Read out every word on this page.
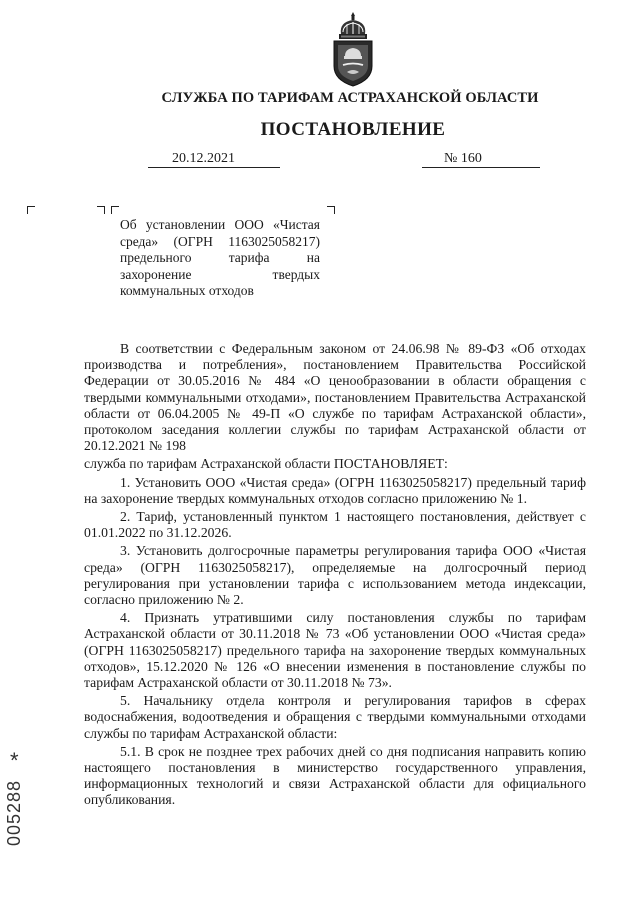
СЛУЖБА ПО ТАРИФАМ АСТРАХАНСКОЙ ОБЛАСТИ
ПОСТАНОВЛЕНИЕ
20.12.2021	№ 160

Об установлении ООО «Чистая среда» (ОГРН 1163025058217) предельного тарифа на захоронение твердых коммунальных отходов

В соответствии с Федеральным законом от 24.06.98 № 89-ФЗ «Об отходах производства и потребления», постановлением Правительства Российской Федерации от 30.05.2016 № 484 «О ценообразовании в области обращения с твердыми коммунальными отходами», постановлением Правительства Астраханской области от 06.04.2005 № 49-П «О службе по тарифам Астраханской области», протоколом заседания коллегии службы по тарифам Астраханской области от 20.12.2021 № 198

служба по тарифам Астраханской области ПОСТАНОВЛЯЕТ:

1. Установить ООО «Чистая среда» (ОГРН 1163025058217) предельный тариф на захоронение твердых коммунальных отходов согласно приложению № 1.

2. Тариф, установленный пунктом 1 настоящего постановления, действует с 01.01.2022 по 31.12.2026.

3. Установить долгосрочные параметры регулирования тарифа ООО «Чистая среда» (ОГРН 1163025058217), определяемые на долгосрочный период регулирования при установлении тарифа с использованием метода индексации, согласно приложению № 2.

4. Признать утратившими силу постановления службы по тарифам Астраханской области от 30.11.2018 № 73 «Об установлении ООО «Чистая среда» (ОГРН 1163025058217) предельного тарифа на захоронение твердых коммунальных отходов», 15.12.2020 № 126 «О внесении изменения в постановление службы по тарифам Астраханской области от 30.11.2018 № 73».

5. Начальнику отдела контроля и регулирования тарифов в сферах водоснабжения, водоотведения и обращения с твердыми коммунальными отходами службы по тарифам Астраханской области:

5.1. В срок не позднее трех рабочих дней со дня подписания направить копию настоящего постановления в министерство государственного управления, информационных технологий и связи Астраханской области для официального опубликования.

*
005288
